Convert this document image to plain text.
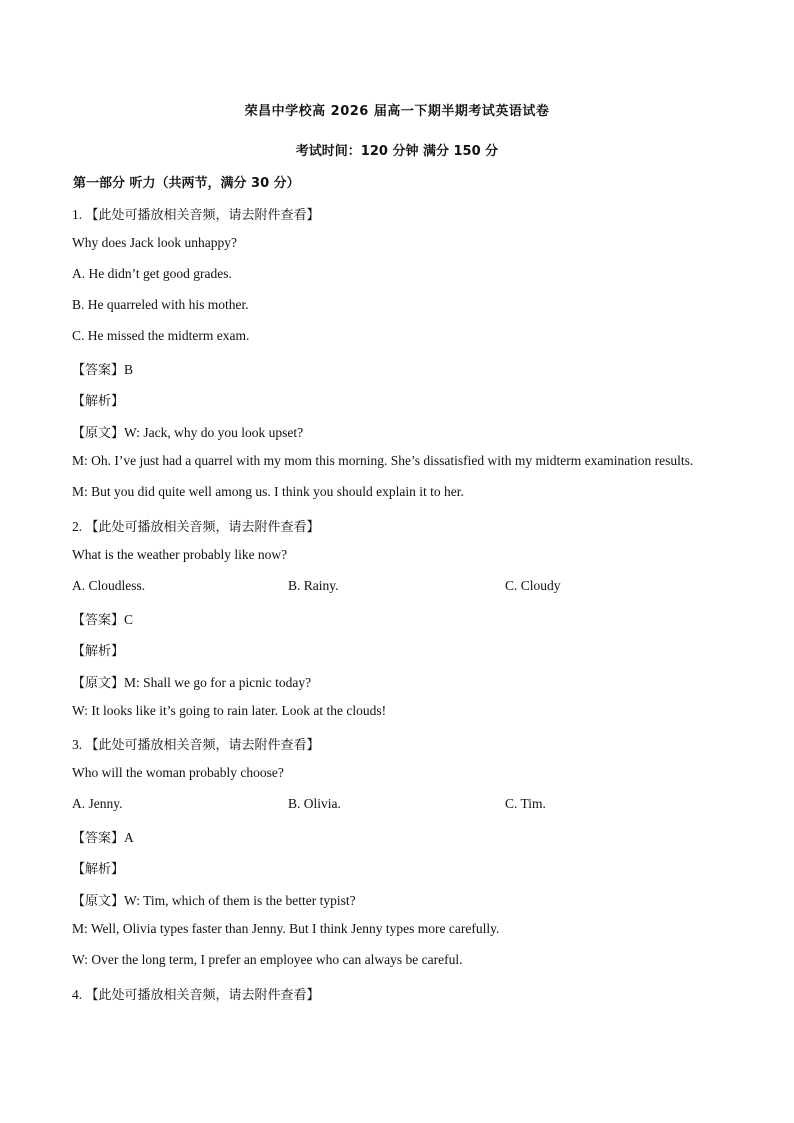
荣昌中学校高 2026 届高一下期半期考试英语试卷
考试时间：120 分钟 满分 150 分
第一部分 听力（共两节，满分 30 分）
1. 【此处可播放相关音频，请去附件查看】
Why does Jack look unhappy?
A. He didn’t get good grades.
B. He quarreled with his mother.
C. He missed the midterm exam.
【答案】B
【解析】
【原文】W: Jack, why do you look upset?
M: Oh. I’ve just had a quarrel with my mom this morning. She’s dissatisfied with my midterm examination results.
M: But you did quite well among us. I think you should explain it to her.
2. 【此处可播放相关音频，请去附件查看】
What is the weather probably like now?
A. Cloudless.	B. Rainy.	C. Cloudy
【答案】C
【解析】
【原文】M: Shall we go for a picnic today?
W: It looks like it’s going to rain later. Look at the clouds!
3. 【此处可播放相关音频，请去附件查看】
Who will the woman probably choose?
A. Jenny.	B. Olivia.	C. Tim.
【答案】A
【解析】
【原文】W: Tim, which of them is the better typist?
M: Well, Olivia types faster than Jenny. But I think Jenny types more carefully.
W: Over the long term, I prefer an employee who can always be careful.
4. 【此处可播放相关音频，请去附件查看】
